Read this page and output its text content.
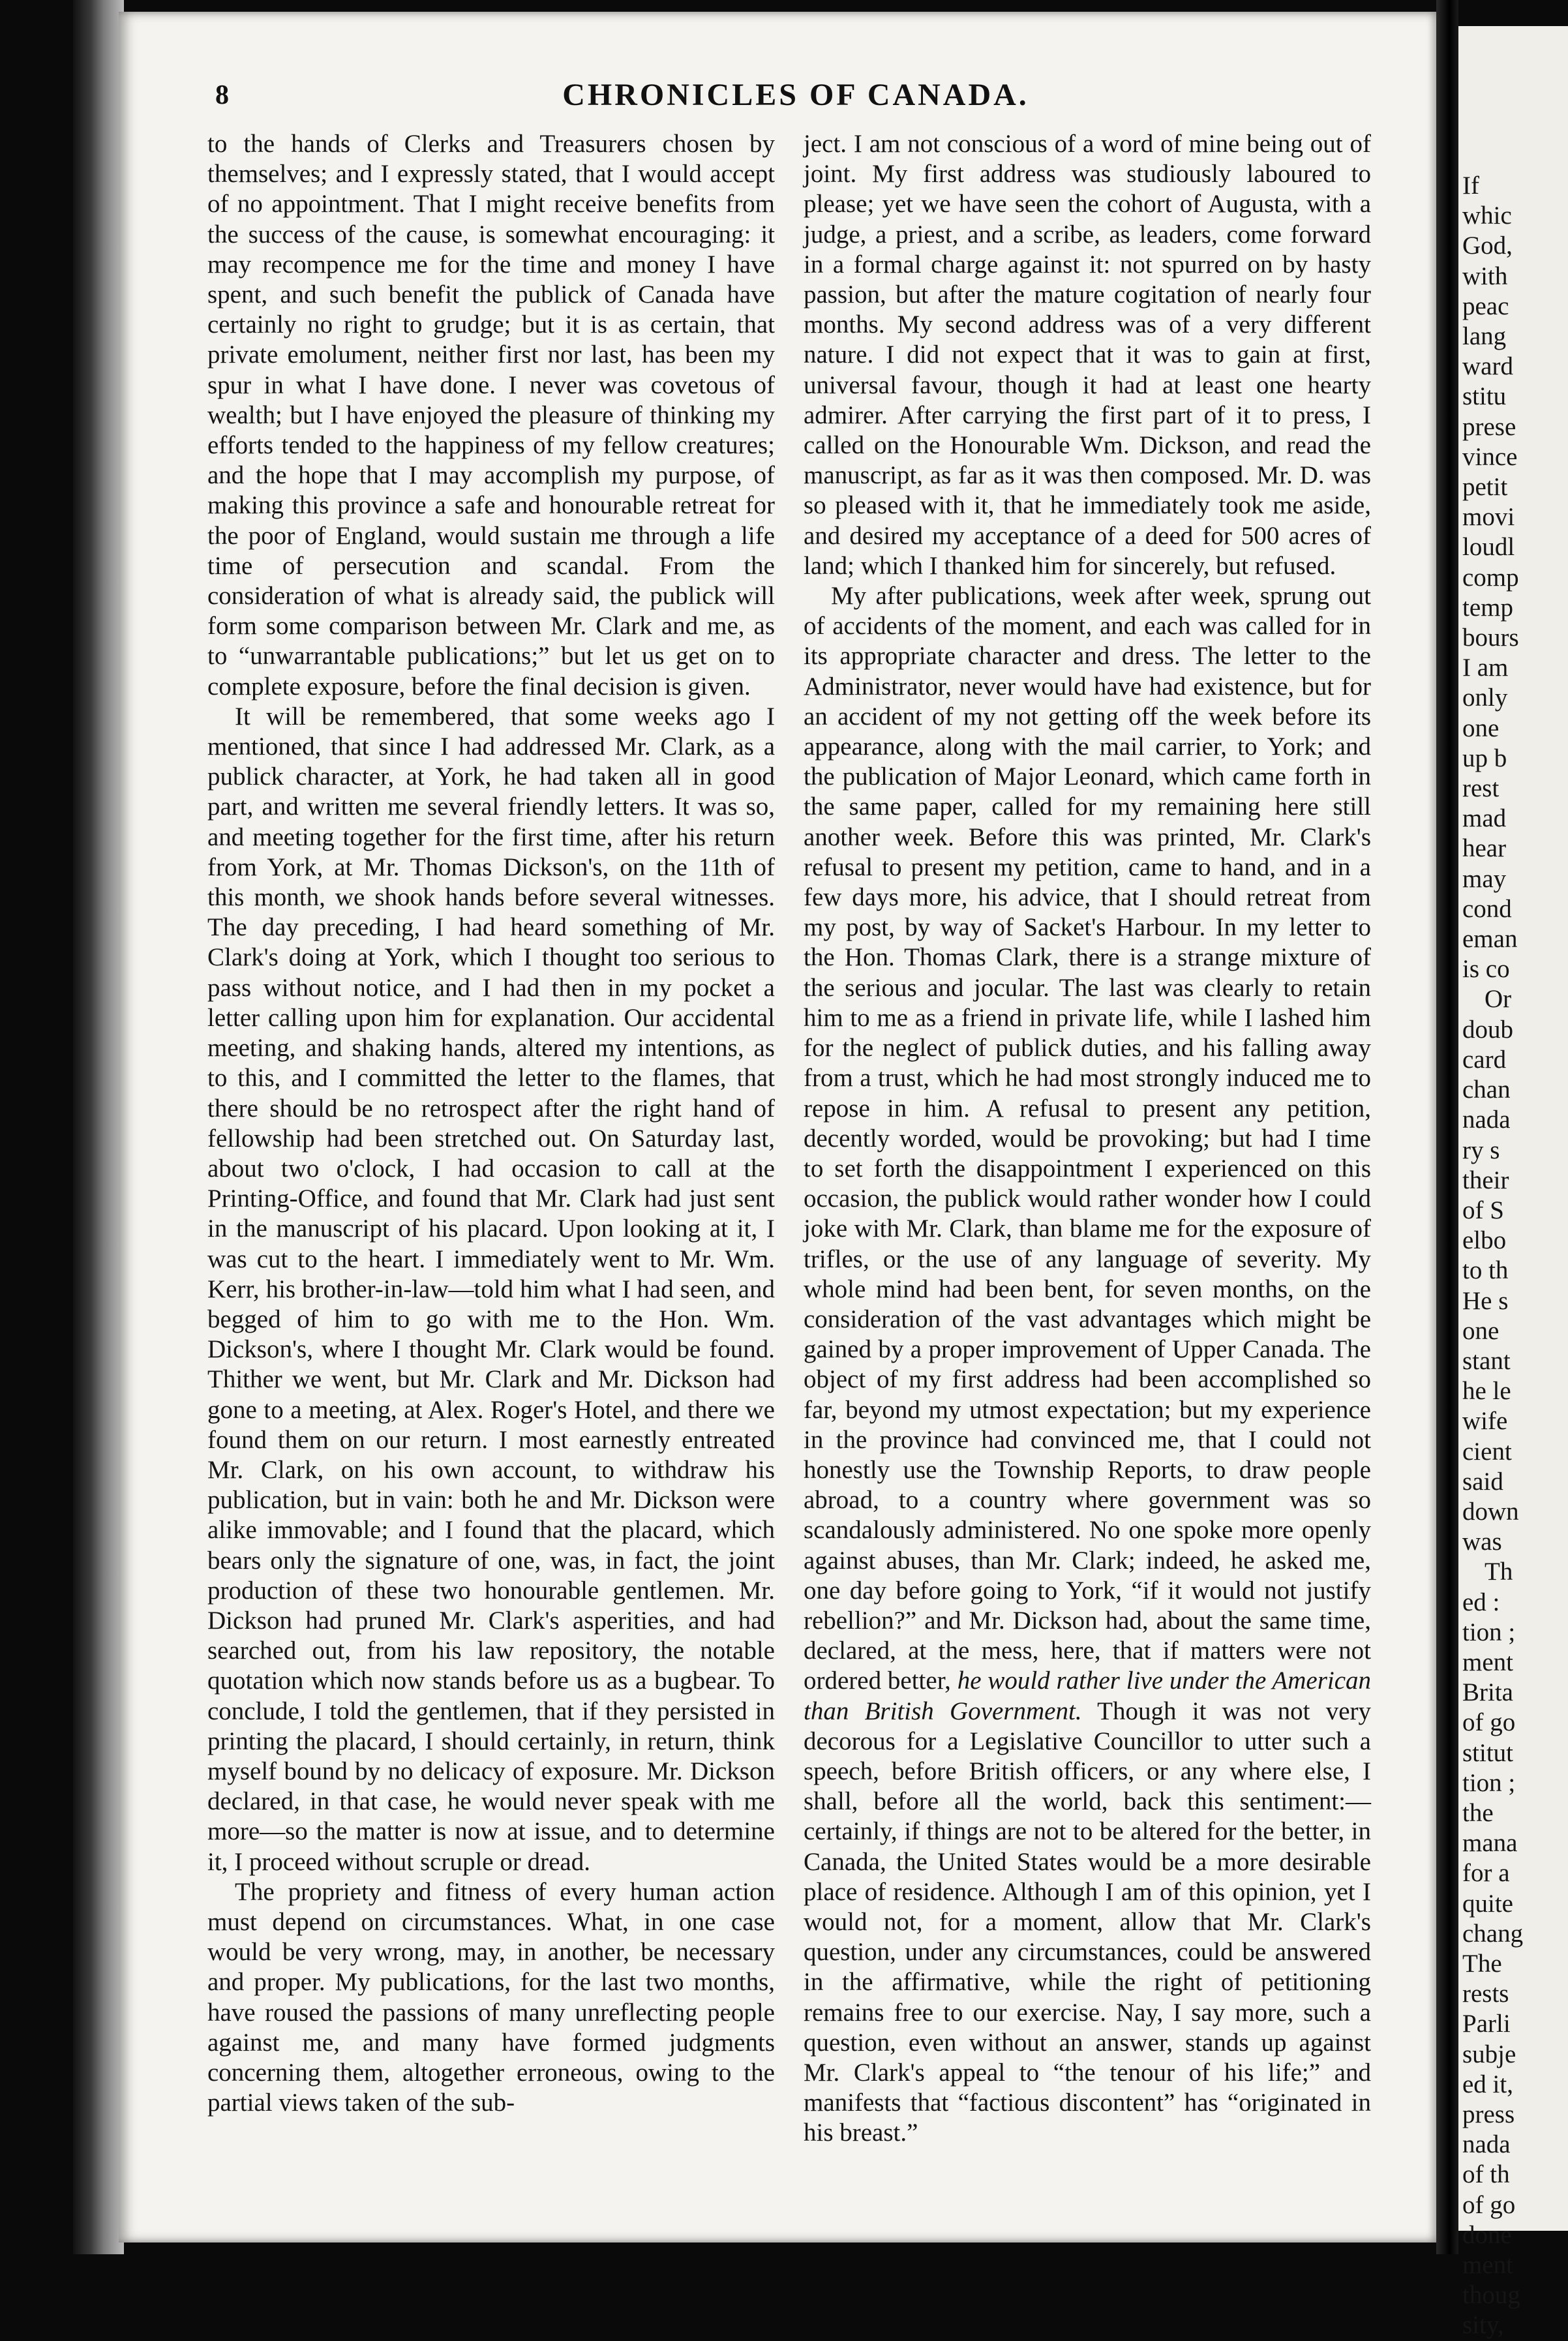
8	CHRONICLES OF CANADA.

to the hands of Clerks and Treasurers chosen by themselves; and I expressly stated, that I would accept of no appointment. That I might receive benefits from the success of the cause, is somewhat encouraging: it may recompence me for the time and money I have spent, and such benefit the publick of Canada have certainly no right to grudge; but it is as certain, that private emolument, neither first nor last, has been my spur in what I have done. I never was covetous of wealth; but I have enjoyed the pleasure of thinking my efforts tended to the happiness of my fellow creatures; and the hope that I may accomplish my purpose, of making this province a safe and honourable retreat for the poor of England, would sustain me through a life time of persecution and scandal. From the consideration of what is already said, the publick will form some comparison between Mr. Clark and me, as to “unwarrantable publications;” but let us get on to complete exposure, before the final decision is given.

It will be remembered, that some weeks ago I mentioned, that since I had addressed Mr. Clark, as a publick character, at York, he had taken all in good part, and written me several friendly letters. It was so, and meeting together for the first time, after his return from York, at Mr. Thomas Dickson's, on the 11th of this month, we shook hands before several witnesses. The day preceding, I had heard something of Mr. Clark's doing at York, which I thought too serious to pass without notice, and I had then in my pocket a letter calling upon him for explanation. Our accidental meeting, and shaking hands, altered my intentions, as to this, and I committed the letter to the flames, that there should be no retrospect after the right hand of fellowship had been stretched out. On Saturday last, about two o'clock, I had occasion to call at the Printing-Office, and found that Mr. Clark had just sent in the manuscript of his placard. Upon looking at it, I was cut to the heart. I immediately went to Mr. Wm. Kerr, his brother-in-law—told him what I had seen, and begged of him to go with me to the Hon. Wm. Dickson's, where I thought Mr. Clark would be found. Thither we went, but Mr. Clark and Mr. Dickson had gone to a meeting, at Alex. Roger's Hotel, and there we found them on our return. I most earnestly entreated Mr. Clark, on his own account, to withdraw his publication, but in vain: both he and Mr. Dickson were alike immovable; and I found that the placard, which bears only the signature of one, was, in fact, the joint production of these two honourable gentlemen. Mr. Dickson had pruned Mr. Clark's asperities, and had searched out, from his law repository, the notable quotation which now stands before us as a bugbear. To conclude, I told the gentlemen, that if they persisted in printing the placard, I should certainly, in return, think myself bound by no delicacy of exposure. Mr. Dickson declared, in that case, he would never speak with me more—so the matter is now at issue, and to determine it, I proceed without scruple or dread.

The propriety and fitness of every human action must depend on circumstances. What, in one case would be very wrong, may, in another, be necessary and proper. My publications, for the last two months, have roused the passions of many unreflecting people against me, and many have formed judgments concerning them, altogether erroneous, owing to the partial views taken of the sub-

ject. I am not conscious of a word of mine being out of joint. My first address was studiously laboured to please; yet we have seen the cohort of Augusta, with a judge, a priest, and a scribe, as leaders, come forward in a formal charge against it: not spurred on by hasty passion, but after the mature cogitation of nearly four months. My second address was of a very different nature. I did not expect that it was to gain at first, universal favour, though it had at least one hearty admirer. After carrying the first part of it to press, I called on the Honourable Wm. Dickson, and read the manuscript, as far as it was then composed. Mr. D. was so pleased with it, that he immediately took me aside, and desired my acceptance of a deed for 500 acres of land; which I thanked him for sincerely, but refused.

My after publications, week after week, sprung out of accidents of the moment, and each was called for in its appropriate character and dress. The letter to the Administrator, never would have had existence, but for an accident of my not getting off the week before its appearance, along with the mail carrier, to York; and the publication of Major Leonard, which came forth in the same paper, called for my remaining here still another week. Before this was printed, Mr. Clark's refusal to present my petition, came to hand, and in a few days more, his advice, that I should retreat from my post, by way of Sacket's Harbour. In my letter to the Hon. Thomas Clark, there is a strange mixture of the serious and jocular. The last was clearly to retain him to me as a friend in private life, while I lashed him for the neglect of publick duties, and his falling away from a trust, which he had most strongly induced me to repose in him. A refusal to present any petition, decently worded, would be provoking; but had I time to set forth the disappointment I experienced on this occasion, the publick would rather wonder how I could joke with Mr. Clark, than blame me for the exposure of trifles, or the use of any language of severity. My whole mind had been bent, for seven months, on the consideration of the vast advantages which might be gained by a proper improvement of Upper Canada. The object of my first address had been accomplished so far, beyond my utmost expectation; but my experience in the province had convinced me, that I could not honestly use the Township Reports, to draw people abroad, to a country where government was so scandalously administered. No one spoke more openly against abuses, than Mr. Clark; indeed, he asked me, one day before going to York, “if it would not justify rebellion?” and Mr. Dickson had, about the same time, declared, at the mess, here, that if matters were not ordered better, he would rather live under the American than British Government. Though it was not very decorous for a Legislative Councillor to utter such a speech, before British officers, or any where else, I shall, before all the world, back this sentiment:—certainly, if things are not to be altered for the better, in Canada, the United States would be a more desirable place of residence. Although I am of this opinion, yet I would not, for a moment, allow that Mr. Clark's question, under any circumstances, could be answered in the affirmative, while the right of petitioning remains free to our exercise. Nay, I say more, such a question, even without an answer, stands up against Mr. Clark's appeal to “the tenour of his life;” and manifests that “factious discontent” has “originated in his breast.”

If
whic
God,
with
peac
lang
ward
stitu
prese
vince
petit
movi
loudl
comp
temp
bours
I am
only
one
up b
rest
mad
hear
may
cond
eman
is co
Or
doub
card
chan
nada
ry s
their
of S
elbo
to th
He s
one
stant
he le
wife
cient
said
down
was
Th
ed :
tion ;
ment
Brita
of go
stitut
tion ;
the
mana
for a
quite
chang
The
rests
Parli
subje
ed it,
press
nada
of th
of go
done
ment
thoug
sity,
